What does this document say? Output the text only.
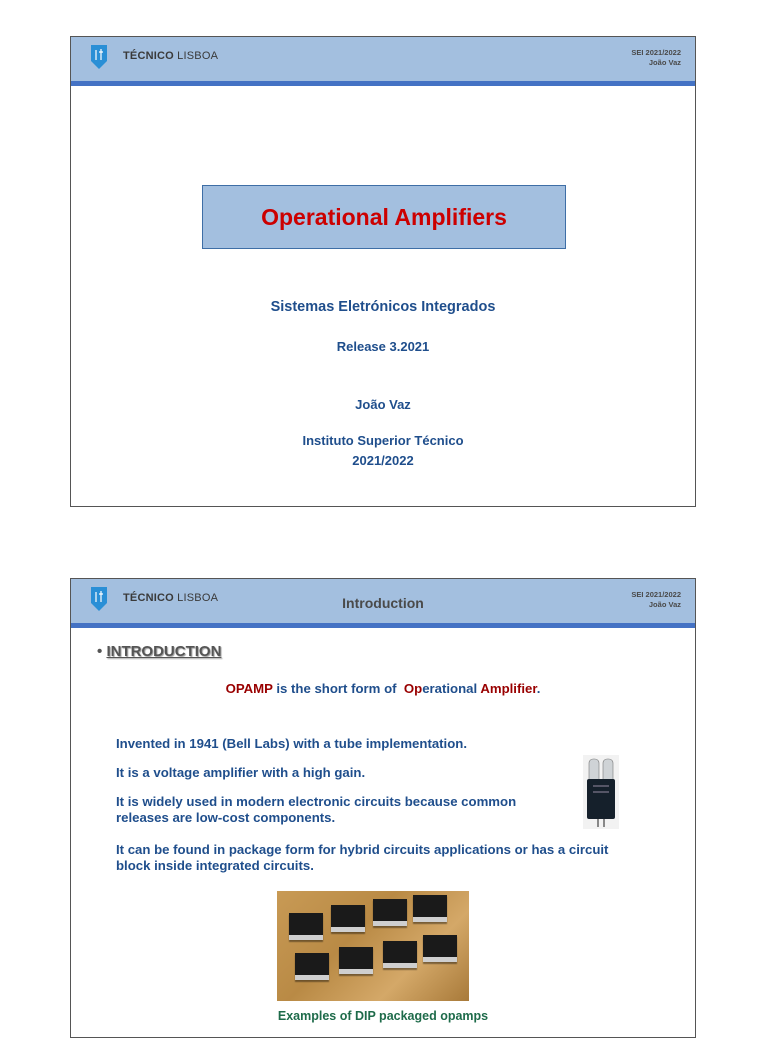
TÉCNICO LISBOA	SEI 2021/2022
João Vaz
Operational Amplifiers
Sistemas Eletrónicos Integrados
Release 3.2021
João Vaz
Instituto Superior Técnico
2021/2022
TÉCNICO LISBOA	Introduction
SEI 2021/2022
João Vaz
• INTRODUCTION
OPAMP is the short form of  Operational Amplifier.
Invented in 1941 (Bell Labs) with a tube implementation.
It is a voltage amplifier with a high gain.
It is widely used in modern electronic circuits because common releases are low-cost components.
It can be found in package form for hybrid circuits applications or has a circuit block inside integrated circuits.
Examples of DIP packaged opamps
